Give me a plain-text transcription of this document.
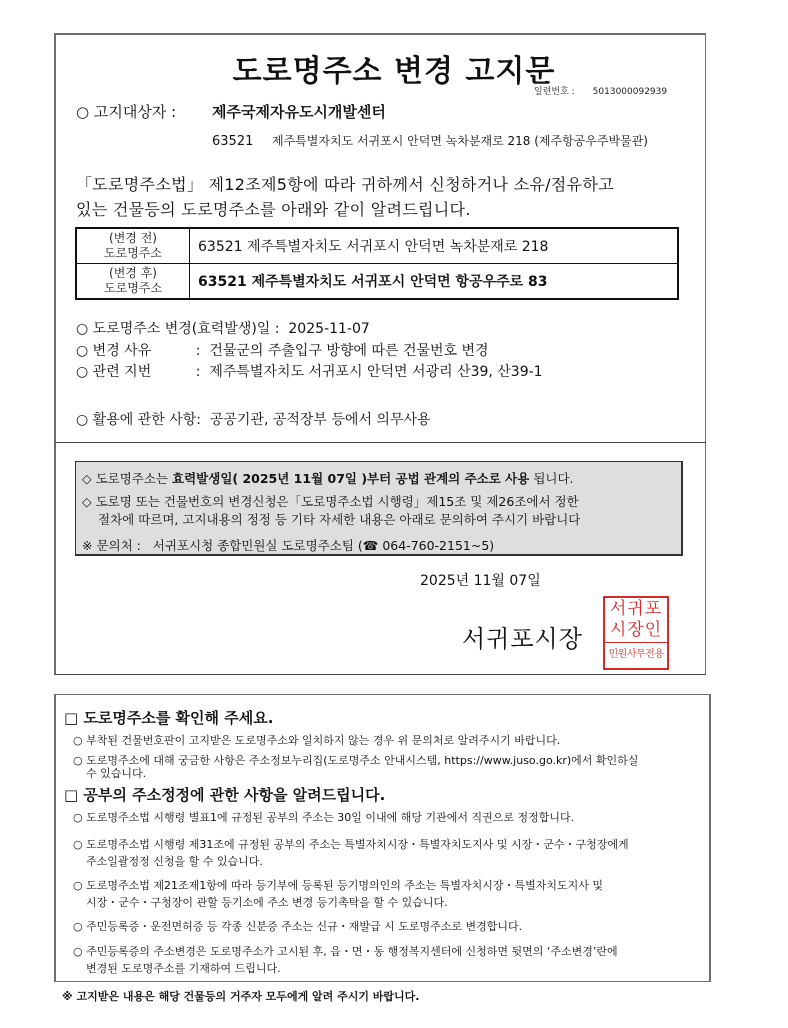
도로명주소 변경 고지문
일련번호 : 5013000092939
○ 고지대상자 : 제주국제자유도시개발센터
63521 제주특별자치도 서귀포시 안덕면 녹차분재로 218 (제주항공우주박물관)
「도로명주소법」 제12조제5항에 따라 귀하께서 신청하거나 소유/점유하고
있는 건물등의 도로명주소를 아래와 같이 알려드립니다.
(변경 전)
도로명주소	63521 제주특별자치도 서귀포시 안덕면 녹차분재로 218

(변경 후)
도로명주소	63521 제주특별자치도 서귀포시 안덕면 항공우주로 83
○ 도로명주소 변경(효력발생)일 :  2025-11-07
○ 변경 사유          :  건물군의 주출입구 방향에 따른 건물번호 변경
○ 관련 지번          :  제주특별자치도 서귀포시 안덕면 서광리 산39, 산39-1
○ 활용에 관한 사항:  공공기관, 공적장부 등에서 의무사용
◇ 도로명주소는 효력발생일( 2025년 11월 07일 )부터 공법 관계의 주소로 사용 됩니다.
◇ 도로명 또는 건물번호의 변경신청은「도로명주소법 시행령」제15조 및 제26조에서 정한
절차에 따르며, 고지내용의 정정 등 기타 자세한 내용은 아래로 문의하여 주시기 바랍니다
※ 문의처 : 서귀포시청 종합민원실 도로명주소팀 (☎ 064-760-2151~5)
2025년 11월 07일
서귀포시장
서귀포
시장인
민원사무전용
□ 도로명주소를 확인해 주세요.
○ 부착된 건물번호판이 고지받은 도로명주소와 일치하지 않는 경우 위 문의처로 알려주시기 바랍니다.
○ 도로명주소에 대해 궁금한 사항은 주소정보누리집(도로명주소 안내시스템, https://www.juso.go.kr)에서 확인하실
수 있습니다.
□ 공부의 주소정정에 관한 사항을 알려드립니다.
○ 도로명주소법 시행령 별표1에 규정된 공부의 주소는 30일 이내에 해당 기관에서 직권으로 정정합니다.
○ 도로명주소법 시행령 제31조에 규정된 공부의 주소는 특별자치시장・특별자치도지사 및 시장・군수・구청장에게
주소일괄정정 신청을 할 수 있습니다.
○ 도로명주소법 제21조제1항에 따라 등기부에 등록된 등기명의인의 주소는 특별자치시장・특별자치도지사 및
시장・군수・구청장이 관할 등기소에 주소 변경 등기촉탁을 할 수 있습니다.
○ 주민등록증・운전면허증 등 각종 신분증 주소는 신규・재발급 시 도로명주소로 변경합니다.
○ 주민등록증의 주소변경은 도로명주소가 고시된 후, 읍・면・동 행정복지센터에 신청하면 뒷면의 ‘주소변경’란에
변경된 도로명주소를 기재하여 드립니다.
※ 고지받은 내용은 해당 건물등의 거주자 모두에게 알려 주시기 바랍니다.
